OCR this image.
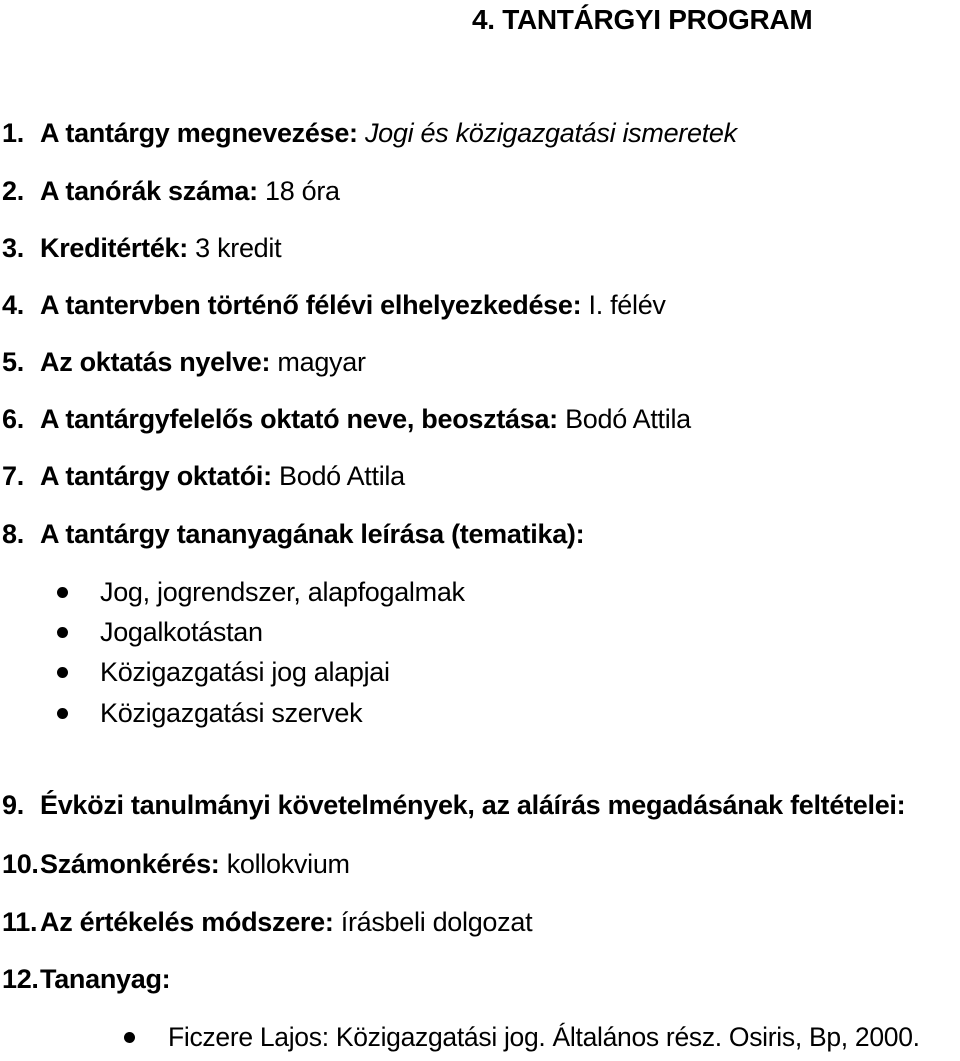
4. TANTÁRGYI PROGRAM
1. A tantárgy megnevezése: Jogi és közigazgatási ismeretek
2. A tanórák száma: 18 óra
3. Kreditérték: 3 kredit
4. A tantervben történő félévi elhelyezkedése: I. félév
5. Az oktatás nyelve: magyar
6. A tantárgyfelelős oktató neve, beosztása: Bodó Attila
7. A tantárgy oktatói: Bodó Attila
8. A tantárgy tananyagának leírása (tematika):
Jog, jogrendszer, alapfogalmak
Jogalkotástan
Közigazgatási jog alapjai
Közigazgatási szervek
9. Évközi tanulmányi követelmények, az aláírás megadásának feltételei:
10.Számonkérés: kollokvium
11. Az értékelés módszere: írásbeli dolgozat
12.Tananyag:
Ficzere Lajos: Közigazgatási jog. Általános rész. Osiris, Bp, 2000.
